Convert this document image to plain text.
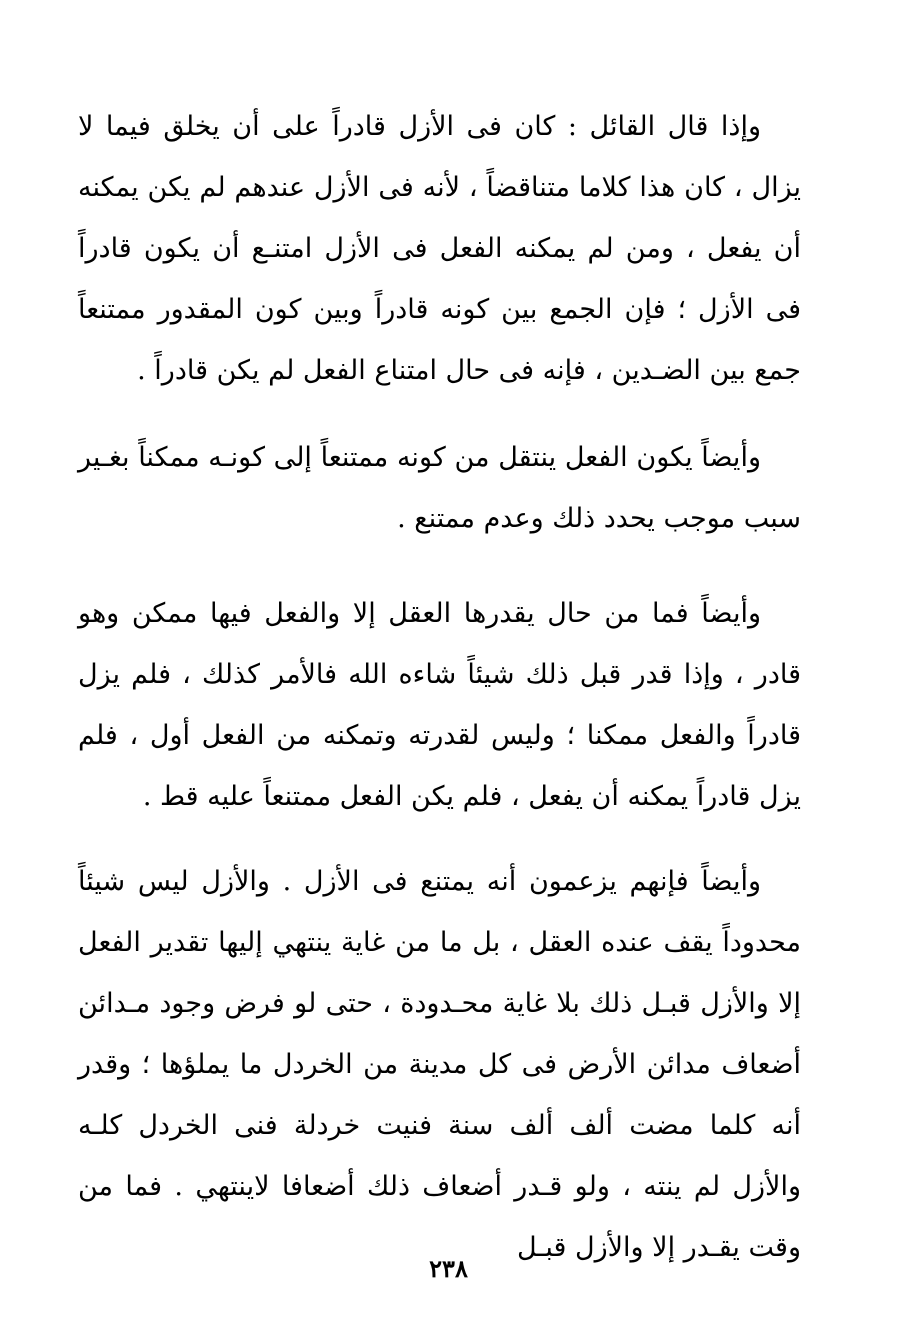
وإذا قال القائل : كان فى الأزل قادراً على أن يخلق فيما لا يزال ، كان هذا كلاما متناقضاً ، لأنه فى الأزل عندهم لم يكن يمكنه أن يفعل ، ومن لم يمكنه الفعل فى الأزل امتنـع أن يكون قادراً فى الأزل ؛ فإن الجمع بين كونه قادراً وبين كون المقدور ممتنعاً جمع بين الضـدين ، فإنه فى حال امتناع الفعل لم يكن قادراً .

وأيضاً يكون الفعل ينتقل من كونه ممتنعاً إلى كونـه ممكناً بغـير سبب موجب يحدد ذلك وعدم ممتنع .

وأيضاً فما من حال يقدرها العقل إلا والفعل فيها ممكن وهو قادر ، وإذا قدر قبل ذلك شيئاً شاءه الله فالأمر كذلك ، فلم يزل قادراً والفعل ممكنا ؛ وليس لقدرته وتمكنه من الفعل أول ، فلم يزل قادراً يمكنه أن يفعل ، فلم يكن الفعل ممتنعاً عليه قط .

وأيضاً فإنهم يزعمون أنه يمتنع فى الأزل . والأزل ليس شيئاً محدوداً يقف عنده العقل ، بل ما من غاية ينتهي إليها تقدير الفعل إلا والأزل قبـل ذلك بلا غاية محـدودة ، حتى لو فرض وجود مـدائن أضعاف مدائن الأرض فى كل مدينة من الخردل ما يملؤها ؛ وقدر أنه كلما مضت ألف ألف سنة فنيت خردلة فنى الخردل كلـه والأزل لم ينته ، ولو قـدر أضعاف ذلك أضعافا لاينتهي . فما من وقت يقـدر إلا والأزل قبـل

٢٣٨
